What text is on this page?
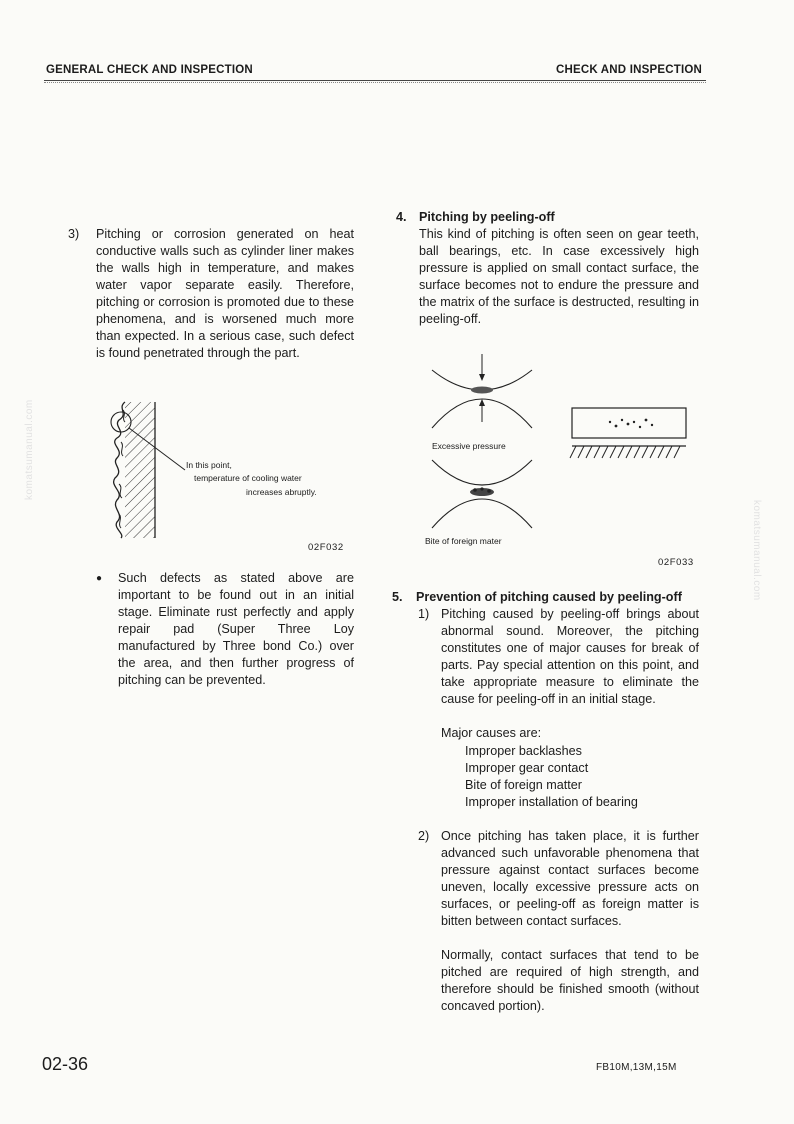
GENERAL CHECK AND INSPECTION	CHECK AND INSPECTION
komatsumanual.com
komatsumanual.com
3) Pitching or corrosion generated on heat conductive walls such as cylinder liner makes the walls high in temperature, and makes water vapor separate easily. Therefore, pitching or corrosion is promoted due to these phenomena, and is worsened much more than expected. In a serious case, such defect is found penetrated through the part.
In this point,
temperature of cooling water
increases abruptly.
02F032
● Such defects as stated above are important to be found out in an initial stage. Eliminate rust perfectly and apply repair pad (Super Three Loy manufactured by Three bond Co.) over the area, and then further progress of pitching can be prevented.
4. Pitching by peeling-off
This kind of pitching is often seen on gear teeth, ball bearings, etc. In case excessively high pressure is applied on small contact surface, the surface becomes not to endure the pressure and the matrix of the surface is destructed, resulting in peeling-off.
Excessive pressure
Bite of foreign mater
02F033
5. Prevention of pitching caused by peeling-off
1) Pitching caused by peeling-off brings about abnormal sound. Moreover, the pitching constitutes one of major causes for break of parts. Pay special attention on this point, and take appropriate measure to eliminate the cause for peeling-off in an initial stage.
Major causes are:
Improper backlashes
Improper gear contact
Bite of foreign matter
Improper installation of bearing
2) Once pitching has taken place, it is further advanced such unfavorable phenomena that pressure against contact surfaces become uneven, locally excessive pressure acts on surfaces, or peeling-off as foreign matter is bitten between contact surfaces.
Normally, contact surfaces that tend to be pitched are required of high strength, and therefore should be finished smooth (without concaved portion).
02-36	FB10M,13M,15M
